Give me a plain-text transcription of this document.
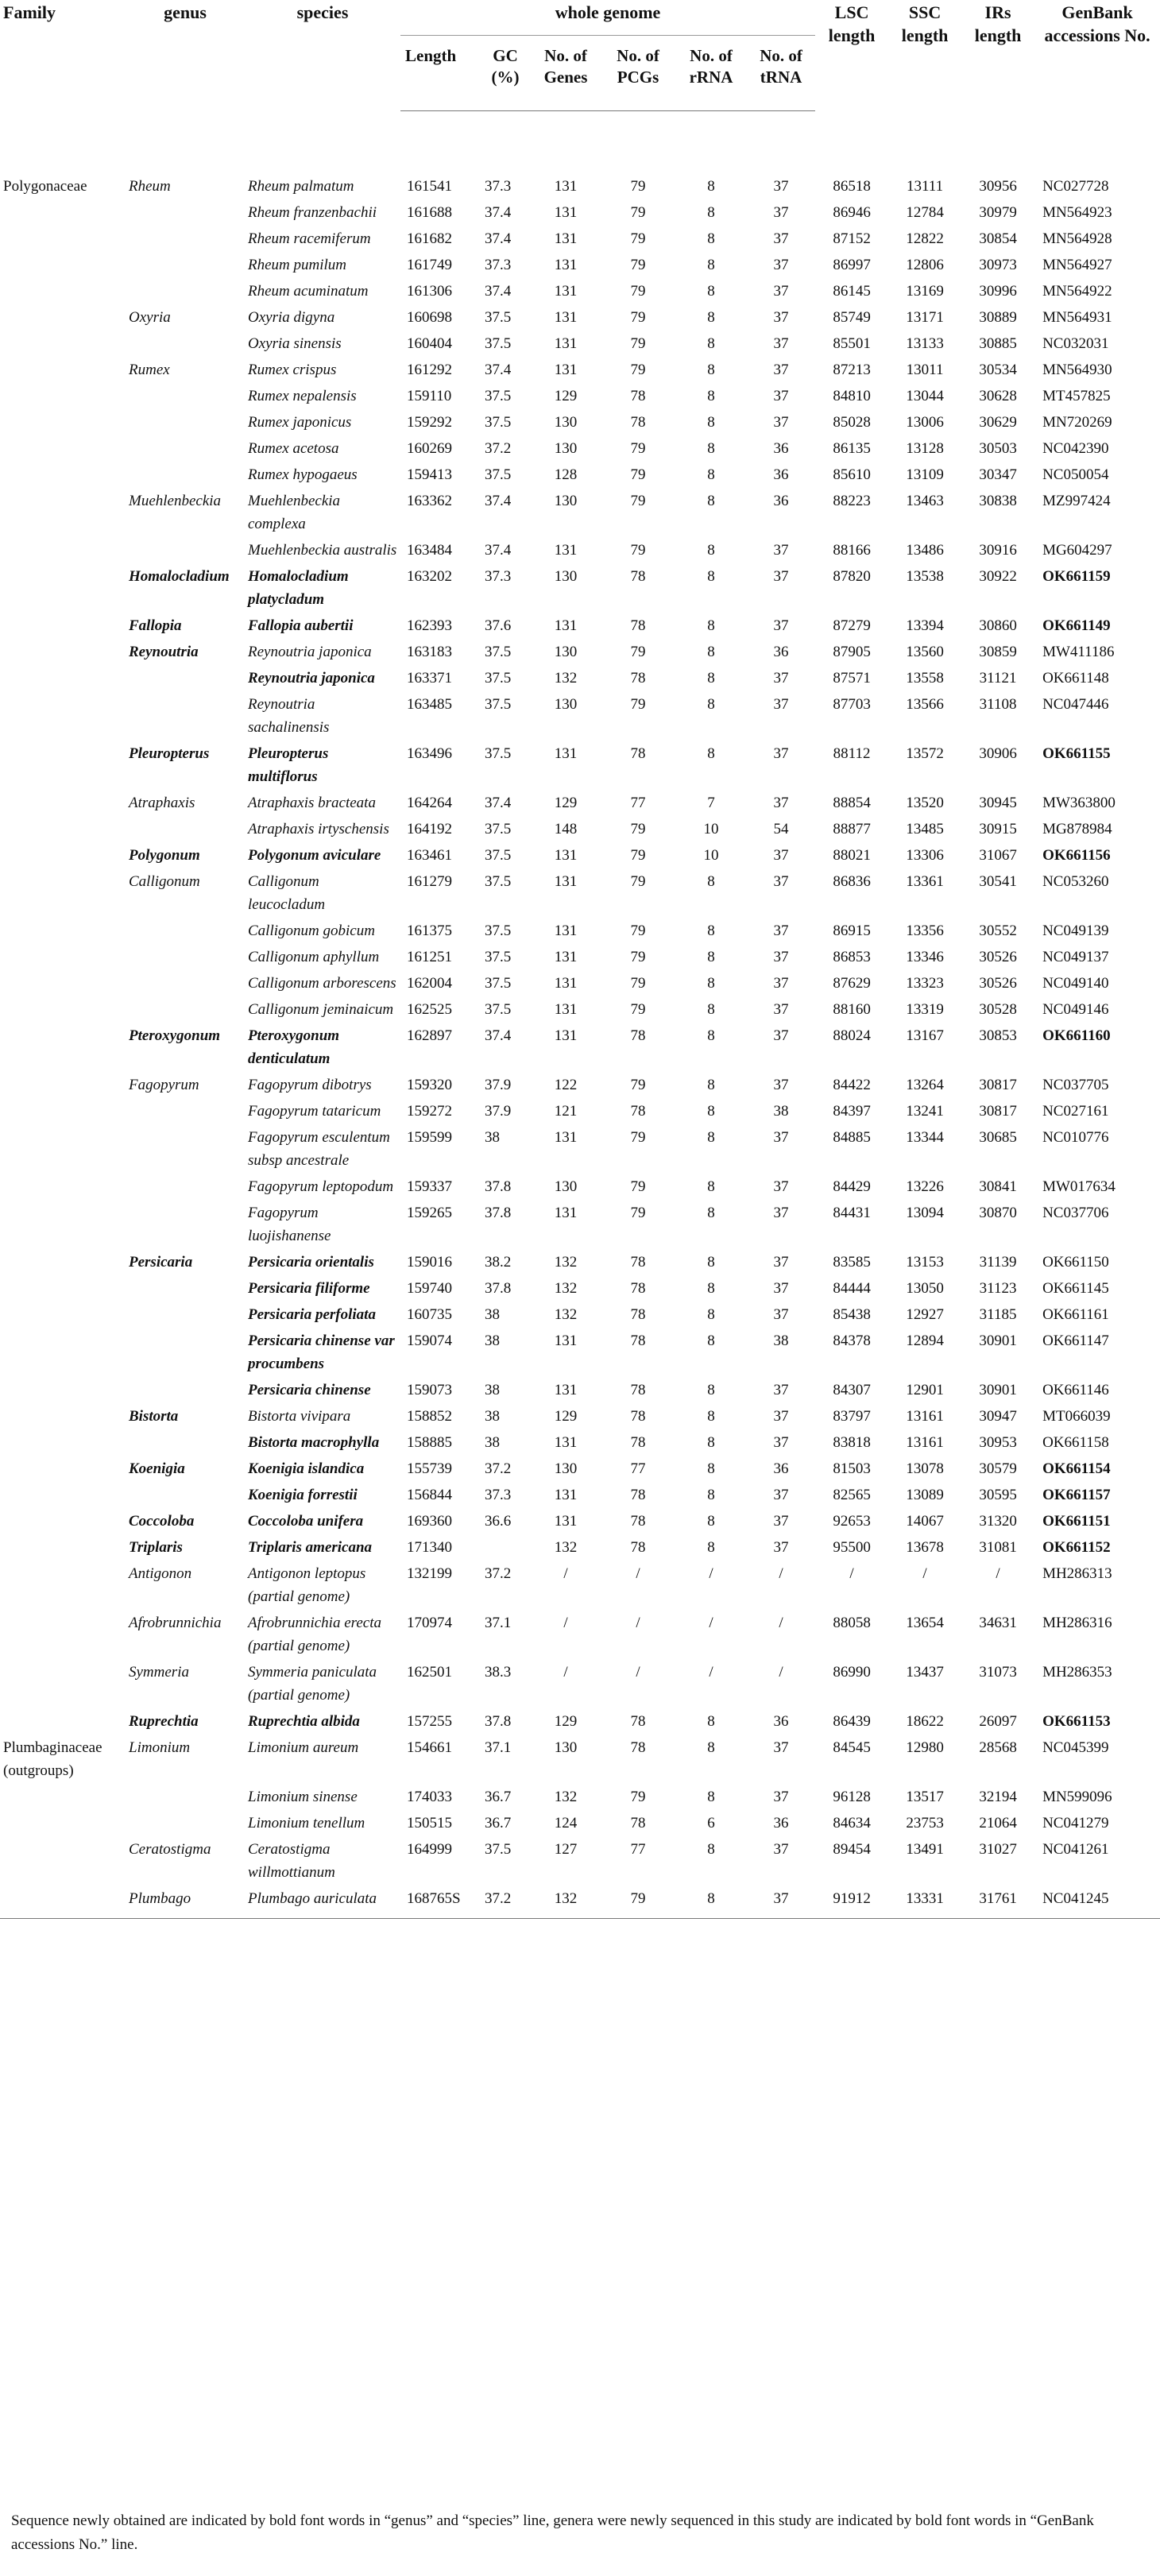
Family	genus	species	whole genome						LSC length	SSC length	IRs length	GenBank accessions No.
			Length	GC (%)	No. of Genes	No. of PCGs	No. of rRNA	No. of tRNA				
Polygonaceae	Rheum	Rheum palmatum	161541	37.3	131	79	8	37	86518	13111	30956	NC027728
		Rheum franzenbachii	161688	37.4	131	79	8	37	86946	12784	30979	MN564923
		Rheum racemiferum	161682	37.4	131	79	8	37	87152	12822	30854	MN564928
		Rheum pumilum	161749	37.3	131	79	8	37	86997	12806	30973	MN564927
		Rheum acuminatum	161306	37.4	131	79	8	37	86145	13169	30996	MN564922
	Oxyria	Oxyria digyna	160698	37.5	131	79	8	37	85749	13171	30889	MN564931
		Oxyria sinensis	160404	37.5	131	79	8	37	85501	13133	30885	NC032031
	Rumex	Rumex crispus	161292	37.4	131	79	8	37	87213	13011	30534	MN564930
		Rumex nepalensis	159110	37.5	129	78	8	37	84810	13044	30628	MT457825
		Rumex japonicus	159292	37.5	130	78	8	37	85028	13006	30629	MN720269
		Rumex acetosa	160269	37.2	130	79	8	36	86135	13128	30503	NC042390
		Rumex hypogaeus	159413	37.5	128	79	8	36	85610	13109	30347	NC050054
	Muehlenbeckia	Muehlenbeckia complexa	163362	37.4	130	79	8	36	88223	13463	30838	MZ997424
		Muehlenbeckia australis	163484	37.4	131	79	8	37	88166	13486	30916	MG604297
	Homalocladium	Homalocladium platycladum	163202	37.3	130	78	8	37	87820	13538	30922	OK661159
	Fallopia	Fallopia aubertii	162393	37.6	131	78	8	37	87279	13394	30860	OK661149
	Reynoutria	Reynoutria japonica	163183	37.5	130	79	8	36	87905	13560	30859	MW411186
		Reynoutria japonica	163371	37.5	132	78	8	37	87571	13558	31121	OK661148
		Reynoutria sachalinensis	163485	37.5	130	79	8	37	87703	13566	31108	NC047446
	Pleuropterus	Pleuropterus multiflorus	163496	37.5	131	78	8	37	88112	13572	30906	OK661155
	Atraphaxis	Atraphaxis bracteata	164264	37.4	129	77	7	37	88854	13520	30945	MW363800
		Atraphaxis irtyschensis	164192	37.5	148	79	10	54	88877	13485	30915	MG878984
	Polygonum	Polygonum aviculare	163461	37.5	131	79	10	37	88021	13306	31067	OK661156
	Calligonum	Calligonum leucocladum	161279	37.5	131	79	8	37	86836	13361	30541	NC053260
		Calligonum gobicum	161375	37.5	131	79	8	37	86915	13356	30552	NC049139
		Calligonum aphyllum	161251	37.5	131	79	8	37	86853	13346	30526	NC049137
		Calligonum arborescens	162004	37.5	131	79	8	37	87629	13323	30526	NC049140
		Calligonum jeminaicum	162525	37.5	131	79	8	37	88160	13319	30528	NC049146
	Pteroxygonum	Pteroxygonum denticulatum	162897	37.4	131	78	8	37	88024	13167	30853	OK661160
	Fagopyrum	Fagopyrum dibotrys	159320	37.9	122	79	8	37	84422	13264	30817	NC037705
		Fagopyrum tataricum	159272	37.9	121	78	8	38	84397	13241	30817	NC027161
		Fagopyrum esculentum subsp ancestrale	159599	38	131	79	8	37	84885	13344	30685	NC010776
		Fagopyrum leptopodum	159337	37.8	130	79	8	37	84429	13226	30841	MW017634
		Fagopyrum luojishanense	159265	37.8	131	79	8	37	84431	13094	30870	NC037706
	Persicaria	Persicaria orientalis	159016	38.2	132	78	8	37	83585	13153	31139	OK661150
		Persicaria filiforme	159740	37.8	132	78	8	37	84444	13050	31123	OK661145
		Persicaria perfoliata	160735	38	132	78	8	37	85438	12927	31185	OK661161
		Persicaria chinense var procumbens	159074	38	131	78	8	38	84378	12894	30901	OK661147
		Persicaria chinense	159073	38	131	78	8	37	84307	12901	30901	OK661146
	Bistorta	Bistorta vivipara	158852	38	129	78	8	37	83797	13161	30947	MT066039
		Bistorta macrophylla	158885	38	131	78	8	37	83818	13161	30953	OK661158
	Koenigia	Koenigia islandica	155739	37.2	130	77	8	36	81503	13078	30579	OK661154
		Koenigia forrestii	156844	37.3	131	78	8	37	82565	13089	30595	OK661157
	Coccoloba	Coccoloba unifera	169360	36.6	131	78	8	37	92653	14067	31320	OK661151
	Triplaris	Triplaris americana	171340		132	78	8	37	95500	13678	31081	OK661152
	Antigonon	Antigonon leptopus (partial genome)	132199	37.2	/	/	/	/	/	/	/	MH286313
	Afrobrunnichia	Afrobrunnichia erecta (partial genome)	170974	37.1	/	/	/	/	88058	13654	34631	MH286316
	Symmeria	Symmeria paniculata (partial genome)	162501	38.3	/	/	/	/	86990	13437	31073	MH286353
	Ruprechtia	Ruprechtia albida	157255	37.8	129	78	8	36	86439	18622	26097	OK661153
Plumbaginaceae (outgroups)	Limonium	Limonium aureum	154661	37.1	130	78	8	37	84545	12980	28568	NC045399
		Limonium sinense	174033	36.7	132	79	8	37	96128	13517	32194	MN599096
		Limonium tenellum	150515	36.7	124	78	6	36	84634	23753	21064	NC041279
	Ceratostigma	Ceratostigma willmottianum	164999	37.5	127	77	8	37	89454	13491	31027	NC041261
	Plumbago	Plumbago auriculata	168765S	37.2	132	79	8	37	91912	13331	31761	NC041245

Sequence newly obtained are indicated by bold font words in “genus” and “species” line, genera were newly sequenced in this study are indicated by bold font words in “GenBank accessions No.” line.
